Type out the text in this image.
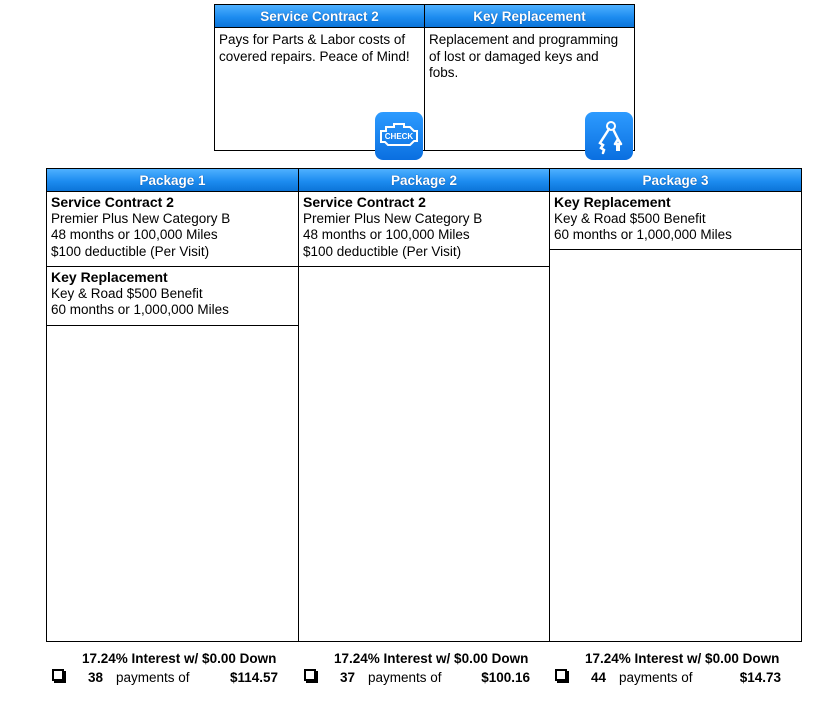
Service Contract 2
Pays for Parts & Labor costs of covered repairs. Peace of Mind!
CHECK
Key Replacement
Replacement and programming of lost or damaged keys and fobs.
Package 1
Service Contract 2
Premier Plus New Category B
48 months or 100,000 Miles
$100 deductible (Per Visit)
Key Replacement
Key & Road $500 Benefit
60 months or 1,000,000 Miles
Package 2
Service Contract 2
Premier Plus New Category B
48 months or 100,000 Miles
$100 deductible (Per Visit)
Package 3
Key Replacement
Key & Road $500 Benefit
60 months or 1,000,000 Miles
17.24% Interest w/ $0.00 Down
38 payments of	$114.57
17.24% Interest w/ $0.00 Down
37 payments of	$100.16
17.24% Interest w/ $0.00 Down
44 payments of	$14.73
